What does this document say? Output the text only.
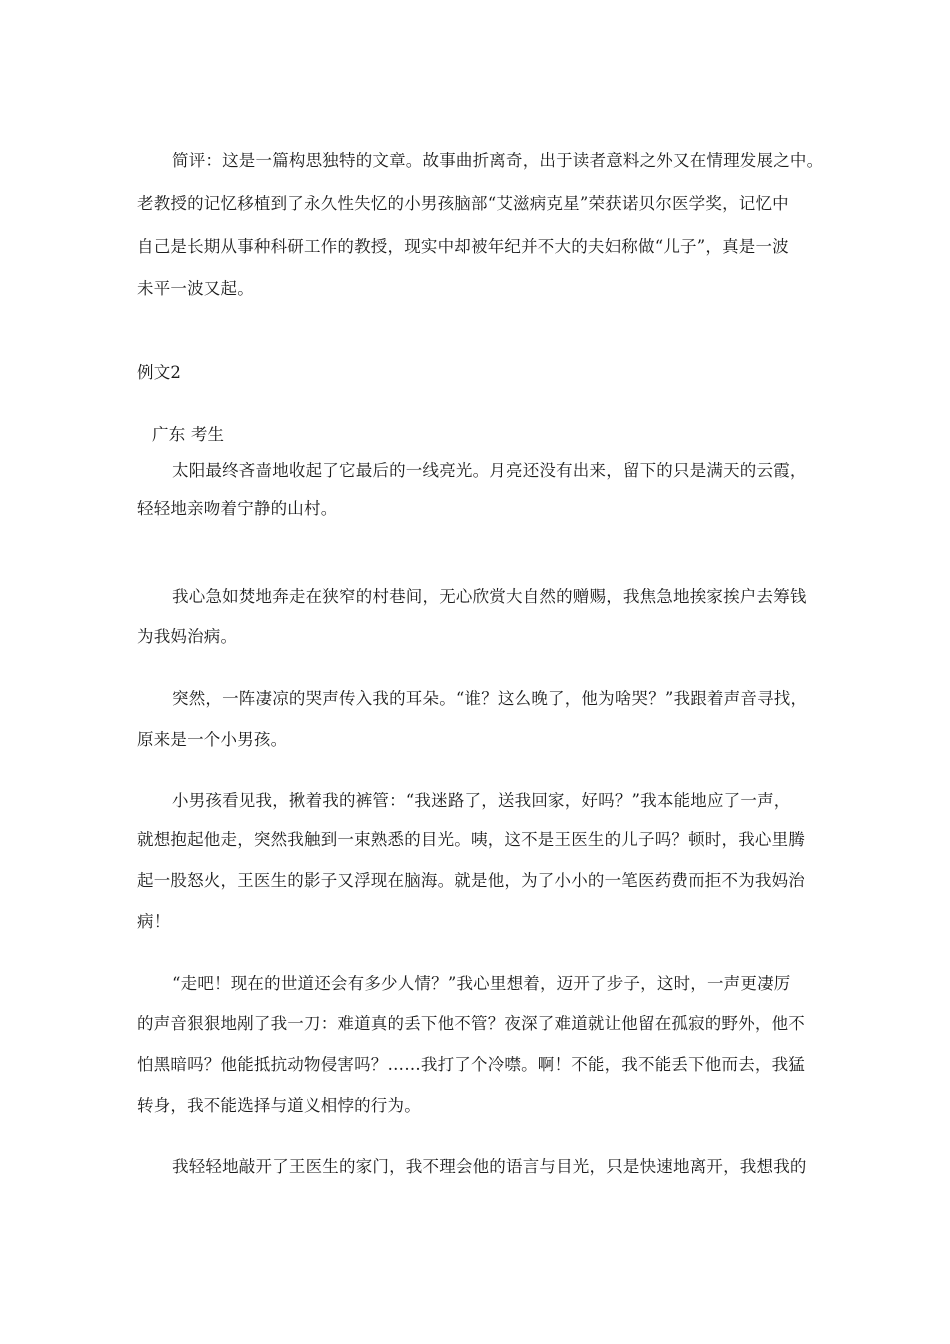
简评：这是一篇构思独特的文章。故事曲折离奇，出于读者意料之外又在情理发展之中。
老教授的记忆移植到了永久性失忆的小男孩脑部“艾滋病克星”荣获诺贝尔医学奖，记忆中
自己是长期从事种科研工作的教授，现实中却被年纪并不大的夫妇称做“儿子”，真是一波
未平一波又起。
例文2
广东 考生
太阳最终吝啬地收起了它最后的一线亮光。月亮还没有出来，留下的只是满天的云霞，
轻轻地亲吻着宁静的山村。
我心急如焚地奔走在狭窄的村巷间，无心欣赏大自然的赠赐，我焦急地挨家挨户去筹钱
为我妈治病。
突然，一阵凄凉的哭声传入我的耳朵。“谁？这么晚了，他为啥哭？”我跟着声音寻找，
原来是一个小男孩。
小男孩看见我，揪着我的裤管：“我迷路了，送我回家，好吗？”我本能地应了一声，
就想抱起他走，突然我触到一束熟悉的目光。咦，这不是王医生的儿子吗？顿时，我心里腾
起一股怒火，王医生的影子又浮现在脑海。就是他，为了小小的一笔医药费而拒不为我妈治
病！
“走吧！现在的世道还会有多少人情？”我心里想着，迈开了步子，这时，一声更凄厉
的声音狠狠地剐了我一刀：难道真的丢下他不管？夜深了难道就让他留在孤寂的野外，他不
怕黑暗吗？他能抵抗动物侵害吗？……我打了个冷噤。啊！不能，我不能丢下他而去，我猛
转身，我不能选择与道义相悖的行为。
我轻轻地敲开了王医生的家门，我不理会他的语言与目光，只是快速地离开，我想我的
